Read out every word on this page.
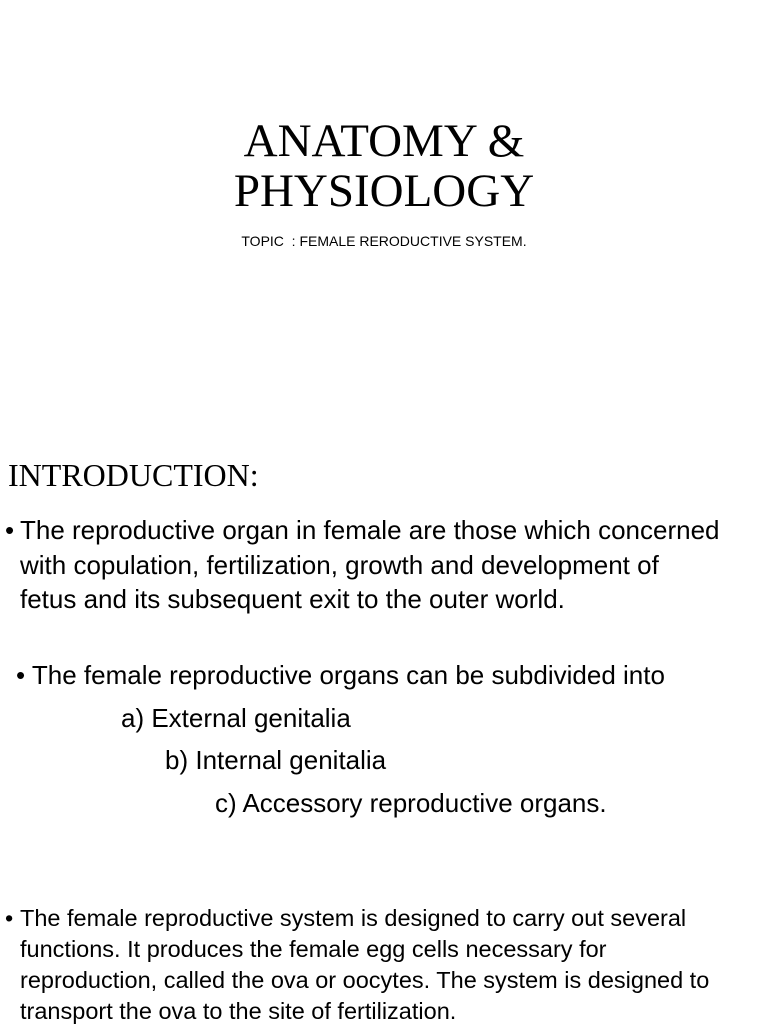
ANATOMY &
PHYSIOLOGY
TOPIC  : FEMALE RERODUCTIVE SYSTEM.
INTRODUCTION:
• The reproductive organ in female are those which concerned with copulation, fertilization, growth and development of fetus and its subsequent exit to the outer world.
• The female reproductive organs can be subdivided into
a) External genitalia
b) Internal genitalia
c) Accessory reproductive organs.
• The female reproductive system is designed to carry out several functions. It produces the female egg cells necessary for reproduction, called the ova or oocytes. The system is designed to transport the ova to the site of fertilization.
